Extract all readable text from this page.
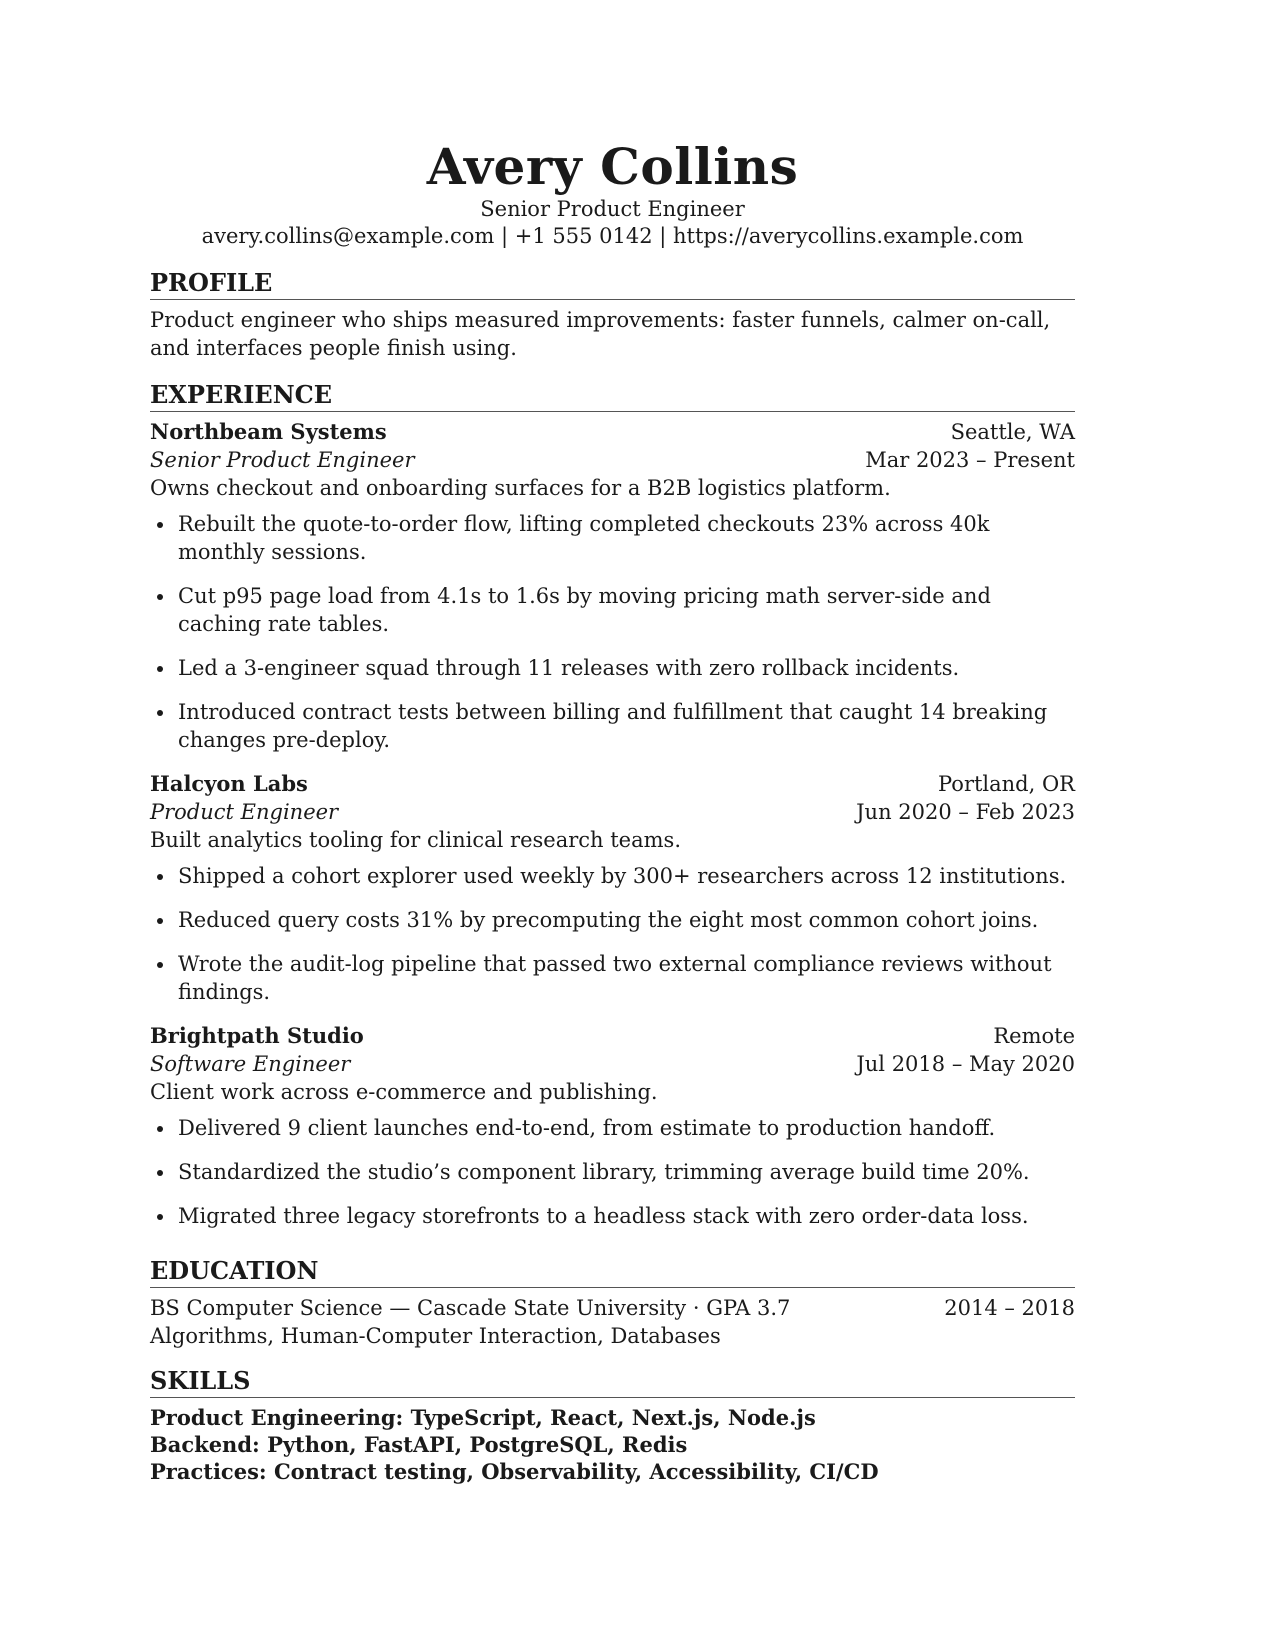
Avery Collins
Senior Product Engineer
avery.collins@example.com | +1 555 0142 | https://averycollins.example.com
PROFILE
Product engineer who ships measured improvements: faster funnels, calmer on-call, and interfaces people finish using.
EXPERIENCE
Northbeam Systems	Seattle, WA
Senior Product Engineer	Mar 2023 – Present
Owns checkout and onboarding surfaces for a B2B logistics platform.
Rebuilt the quote-to-order flow, lifting completed checkouts 23% across 40k monthly sessions.
Cut p95 page load from 4.1s to 1.6s by moving pricing math server-side and caching rate tables.
Led a 3-engineer squad through 11 releases with zero rollback incidents.
Introduced contract tests between billing and fulfillment that caught 14 breaking changes pre-deploy.
Halcyon Labs	Portland, OR
Product Engineer	Jun 2020 – Feb 2023
Built analytics tooling for clinical research teams.
Shipped a cohort explorer used weekly by 300+ researchers across 12 institutions.
Reduced query costs 31% by precomputing the eight most common cohort joins.
Wrote the audit-log pipeline that passed two external compliance reviews without findings.
Brightpath Studio	Remote
Software Engineer	Jul 2018 – May 2020
Client work across e-commerce and publishing.
Delivered 9 client launches end-to-end, from estimate to production handoff.
Standardized the studio’s component library, trimming average build time 20%.
Migrated three legacy storefronts to a headless stack with zero order-data loss.
EDUCATION
BS Computer Science — Cascade State University · GPA 3.7	2014 – 2018
Algorithms, Human-Computer Interaction, Databases
SKILLS
Product Engineering: TypeScript, React, Next.js, Node.js
Backend: Python, FastAPI, PostgreSQL, Redis
Practices: Contract testing, Observability, Accessibility, CI/CD
